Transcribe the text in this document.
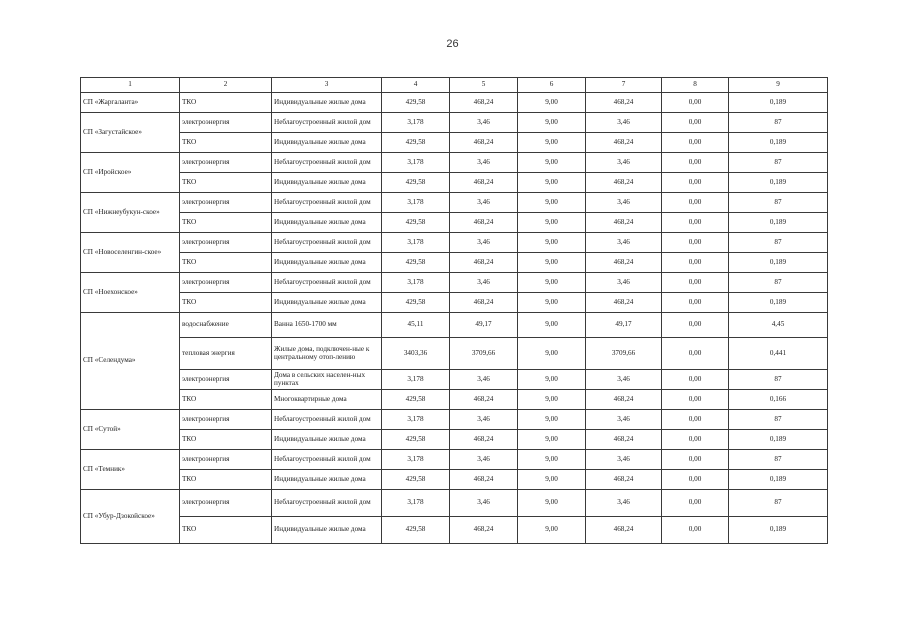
26
1	2	3	4	5	6	7	8	9
СП «Жаргаланта»	ТКО	Индивидуальные жилые дома	429,58	468,24	9,00	468,24	0,00	0,189
СП «Загустайское»	электроэнергия	Неблагоустроенный жилой дом	3,178	3,46	9,00	3,46	0,00	87
	ТКО	Индивидуальные жилые дома	429,58	468,24	9,00	468,24	0,00	0,189
СП «Иройское»	электроэнергия	Неблагоустроенный жилой дом	3,178	3,46	9,00	3,46	0,00	87
	ТКО	Индивидуальные жилые дома	429,58	468,24	9,00	468,24	0,00	0,189
СП «Нижнеубукун-ское»	электроэнергия	Неблагоустроенный жилой дом	3,178	3,46	9,00	3,46	0,00	87
	ТКО	Индивидуальные жилые дома	429,58	468,24	9,00	468,24	0,00	0,189
СП «Новоселенгин-ское»	электроэнергия	Неблагоустроенный жилой дом	3,178	3,46	9,00	3,46	0,00	87
	ТКО	Индивидуальные жилые дома	429,58	468,24	9,00	468,24	0,00	0,189
СП «Ноехонское»	электроэнергия	Неблагоустроенный жилой дом	3,178	3,46	9,00	3,46	0,00	87
	ТКО	Индивидуальные жилые дома	429,58	468,24	9,00	468,24	0,00	0,189
СП «Селендума»	водоснабжение	Ванна 1650-1700 мм	45,11	49,17	9,00	49,17	0,00	4,45
	тепловая энергия	Жилые дома, подключен-ные к центральному отоп-лению	3403,36	3709,66	9,00	3709,66	0,00	0,441
	электроэнергия	Дома в сельских населен-ных пунктах	3,178	3,46	9,00	3,46	0,00	87
	ТКО	Многоквартирные дома	429,58	468,24	9,00	468,24	0,00	0,166
СП «Сутой»	электроэнергия	Неблагоустроенный жилой дом	3,178	3,46	9,00	3,46	0,00	87
	ТКО	Индивидуальные жилые дома	429,58	468,24	9,00	468,24	0,00	0,189
СП «Темник»	электроэнергия	Неблагоустроенный жилой дом	3,178	3,46	9,00	3,46	0,00	87
	ТКО	Индивидуальные жилые дома	429,58	468,24	9,00	468,24	0,00	0,189
СП «Убур-Дзокойское»	электроэнергия	Неблагоустроенный жилой дом	3,178	3,46	9,00	3,46	0,00	87
	ТКО	Индивидуальные жилые дома	429,58	468,24	9,00	468,24	0,00	0,189
